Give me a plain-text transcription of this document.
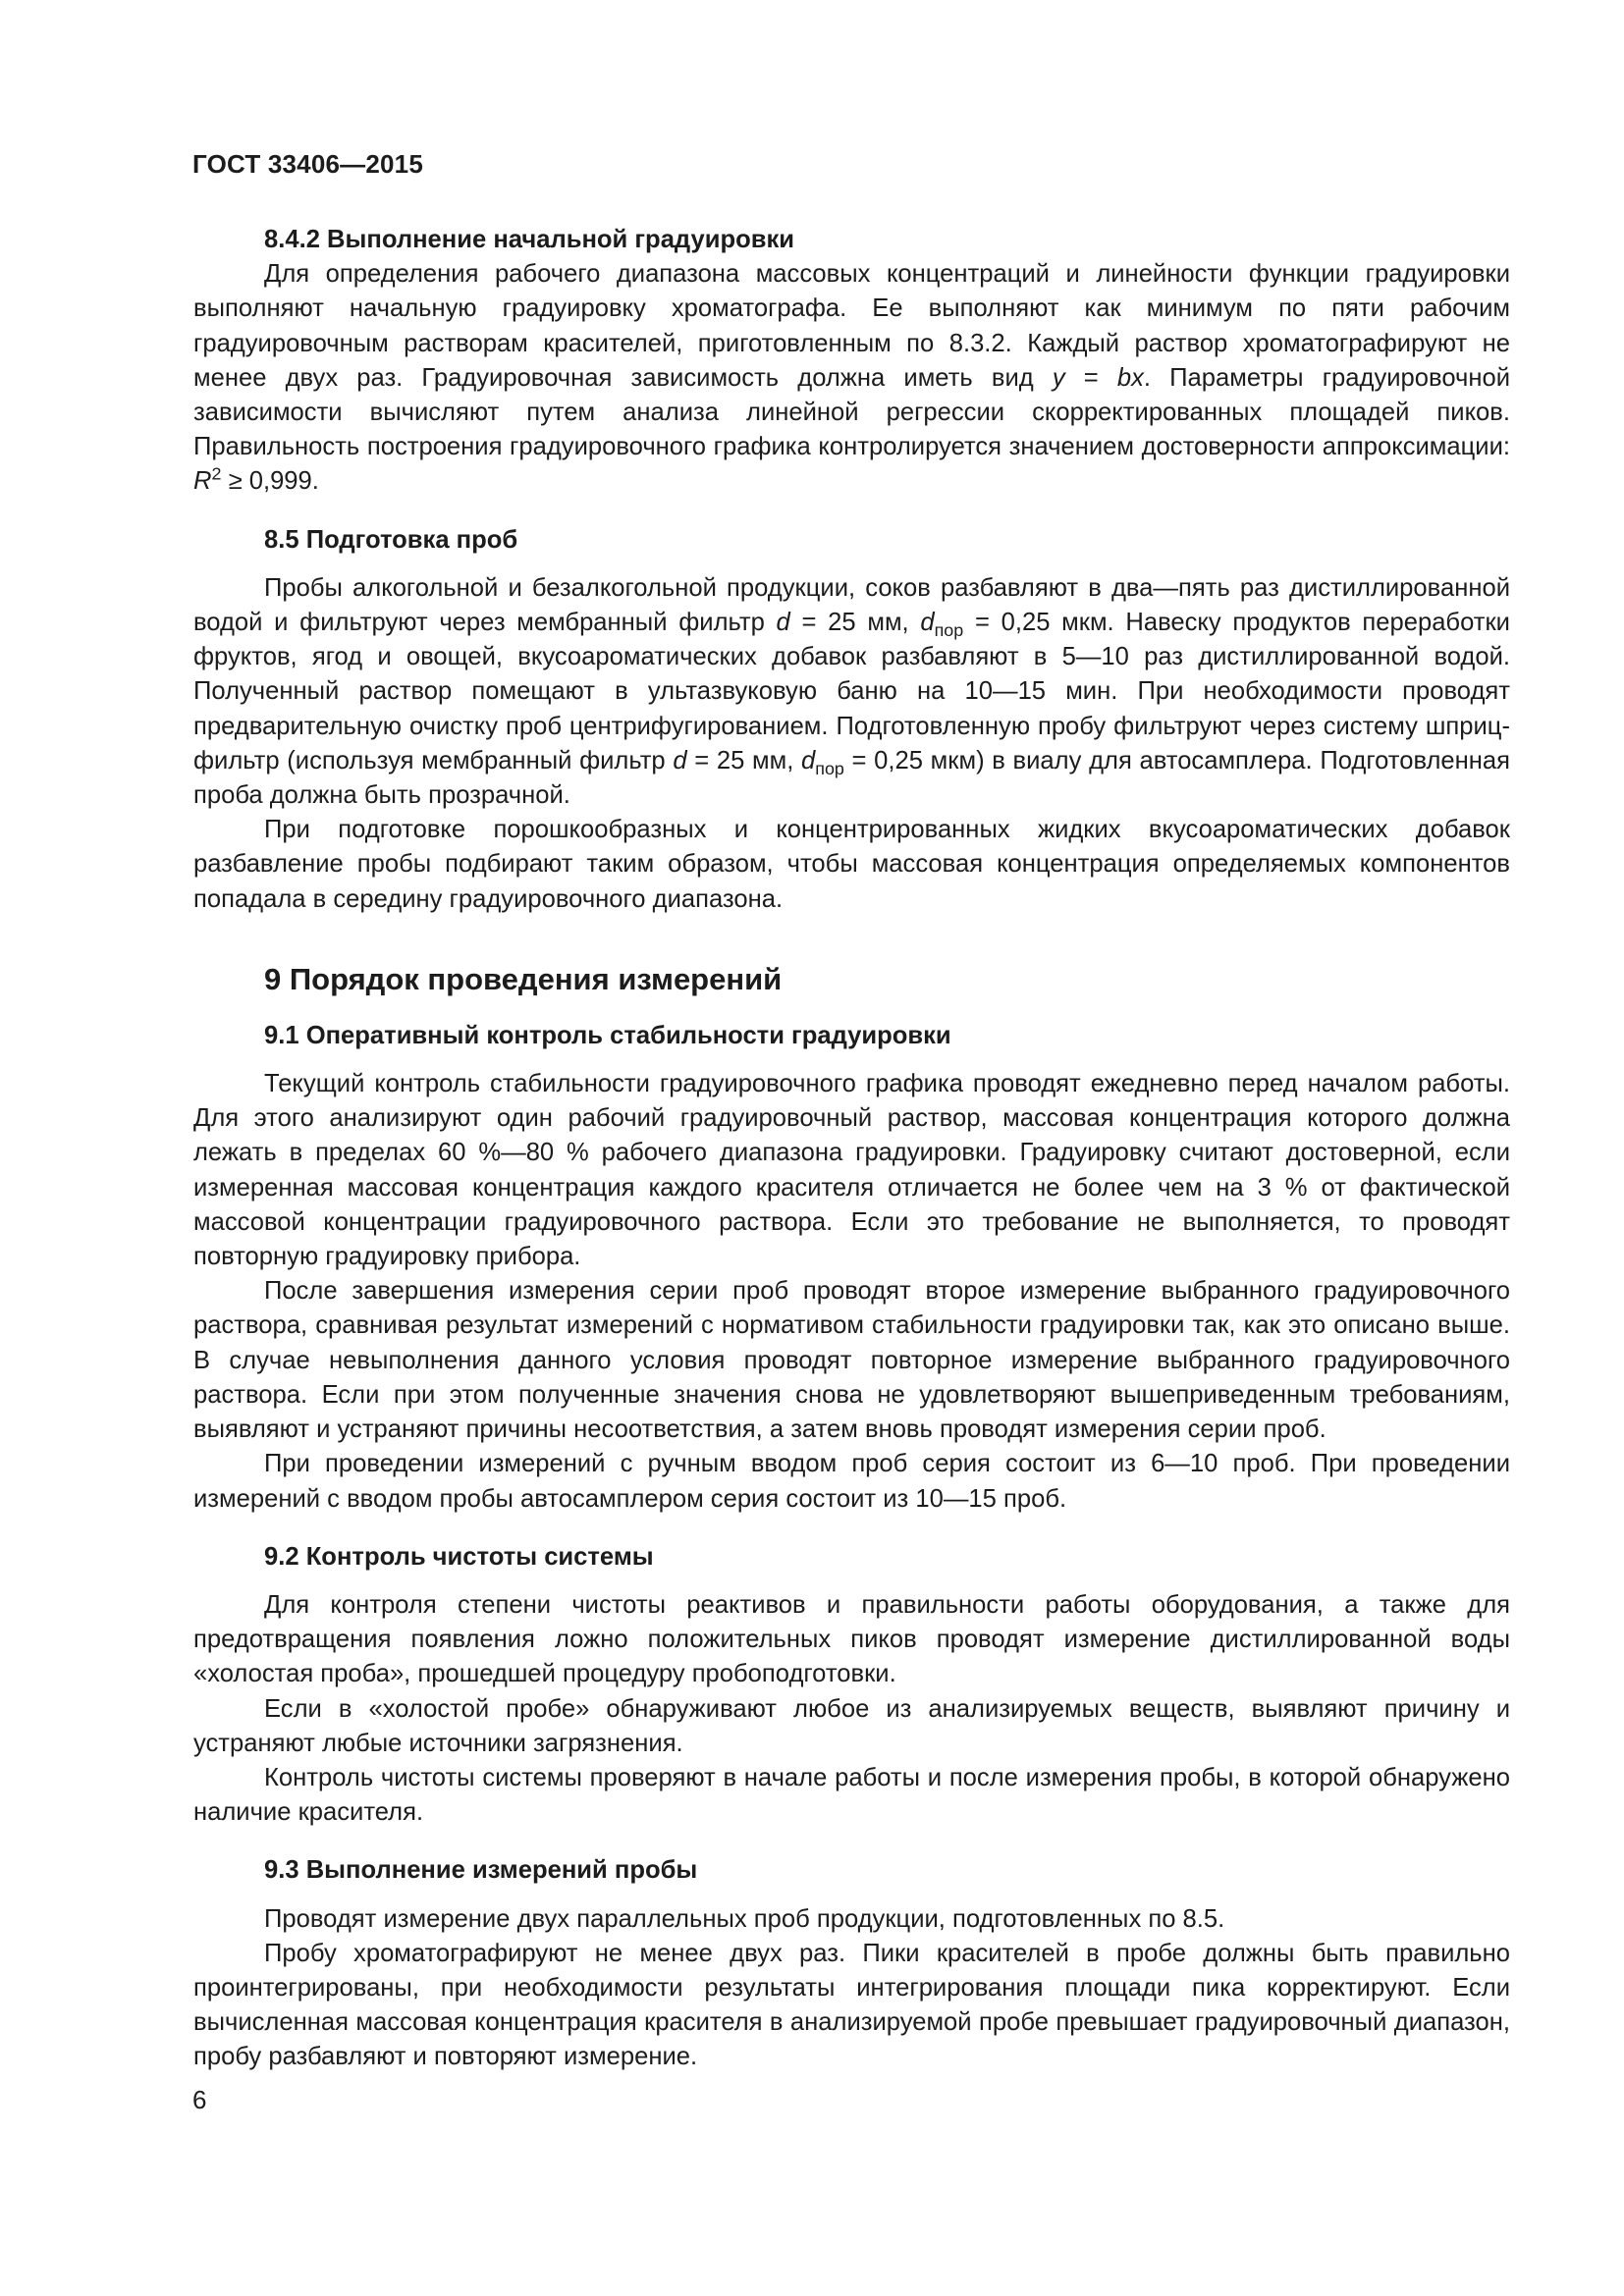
ГОСТ 33406—2015
8.4.2 Выполнение начальной градуировки

Для определения рабочего диапазона массовых концентраций и линейности функции градуировки выполняют начальную градуировку хроматографа. Ее выполняют как минимум по пяти рабочим градуировочным растворам красителей, приготовленным по 8.3.2. Каждый раствор хроматографируют не менее двух раз. Градуировочная зависимость должна иметь вид y = bx. Параметры градуировочной зависимости вычисляют путем анализа линейной регрессии скорректированных площадей пиков. Правильность построения градуировочного графика контролируется значением достоверности аппроксимации: $R^2 \ge 0,999$.

8.5 Подготовка проб

Пробы алкогольной и безалкогольной продукции, соков разбавляют в два—пять раз дистиллированной водой и фильтруют через мембранный фильтр d = 25 мм, $d_{пор} = 0,25$ мкм. Навеску продуктов переработки фруктов, ягод и овощей, вкусоароматических добавок разбавляют в 5—10 раз дистиллированной водой. Полученный раствор помещают в ультазвуковую баню на 10—15 мин. При необходимости проводят предварительную очистку проб центрифугированием. Подготовленную пробу фильтруют через систему шприц-фильтр (используя мембранный фильтр d = 25 мм, $d_{пор} = 0,25$ мкм) в виалу для автосамплера. Подготовленная проба должна быть прозрачной.

При подготовке порошкообразных и концентрированных жидких вкусоароматических добавок разбавление пробы подбирают таким образом, чтобы массовая концентрация определяемых компонентов попадала в середину градуировочного диапазона.

9 Порядок проведения измерений
9.1 Оперативный контроль стабильности градуировки

Текущий контроль стабильности градуировочного графика проводят ежедневно перед началом работы. Для этого анализируют один рабочий градуировочный раствор, массовая концентрация которого должна лежать в пределах 60 %—80 % рабочего диапазона градуировки. Градуировку считают достоверной, если измеренная массовая концентрация каждого красителя отличается не более чем на 3 % от фактической массовой концентрации градуировочного раствора. Если это требование не выполняется, то проводят повторную градуировку прибора.

После завершения измерения серии проб проводят второе измерение выбранного градуировочного раствора, сравнивая результат измерений с нормативом стабильности градуировки так, как это описано выше. В случае невыполнения данного условия проводят повторное измерение выбранного градуировочного раствора. Если при этом полученные значения снова не удовлетворяют вышеприведенным требованиям, выявляют и устраняют причины несоответствия, а затем вновь проводят измерения серии проб.

При проведении измерений с ручным вводом проб серия состоит из 6—10 проб. При проведении измерений с вводом пробы автосамплером серия состоит из 10—15 проб.

9.2 Контроль чистоты системы

Для контроля степени чистоты реактивов и правильности работы оборудования, а также для предотвращения появления ложно положительных пиков проводят измерение дистиллированной воды «холостая проба», прошедшей процедуру пробоподготовки.

Если в «холостой пробе» обнаруживают любое из анализируемых веществ, выявляют причину и устраняют любые источники загрязнения.

Контроль чистоты системы проверяют в начале работы и после измерения пробы, в которой обнаружено наличие красителя.

9.3 Выполнение измерений пробы

Проводят измерение двух параллельных проб продукции, подготовленных по 8.5.

Пробу хроматографируют не менее двух раз. Пики красителей в пробе должны быть правильно проинтегрированы, при необходимости результаты интегрирования площади пика корректируют. Если вычисленная массовая концентрация красителя в анализируемой пробе превышает градуировочный диапазон, пробу разбавляют и повторяют измерение.

6
